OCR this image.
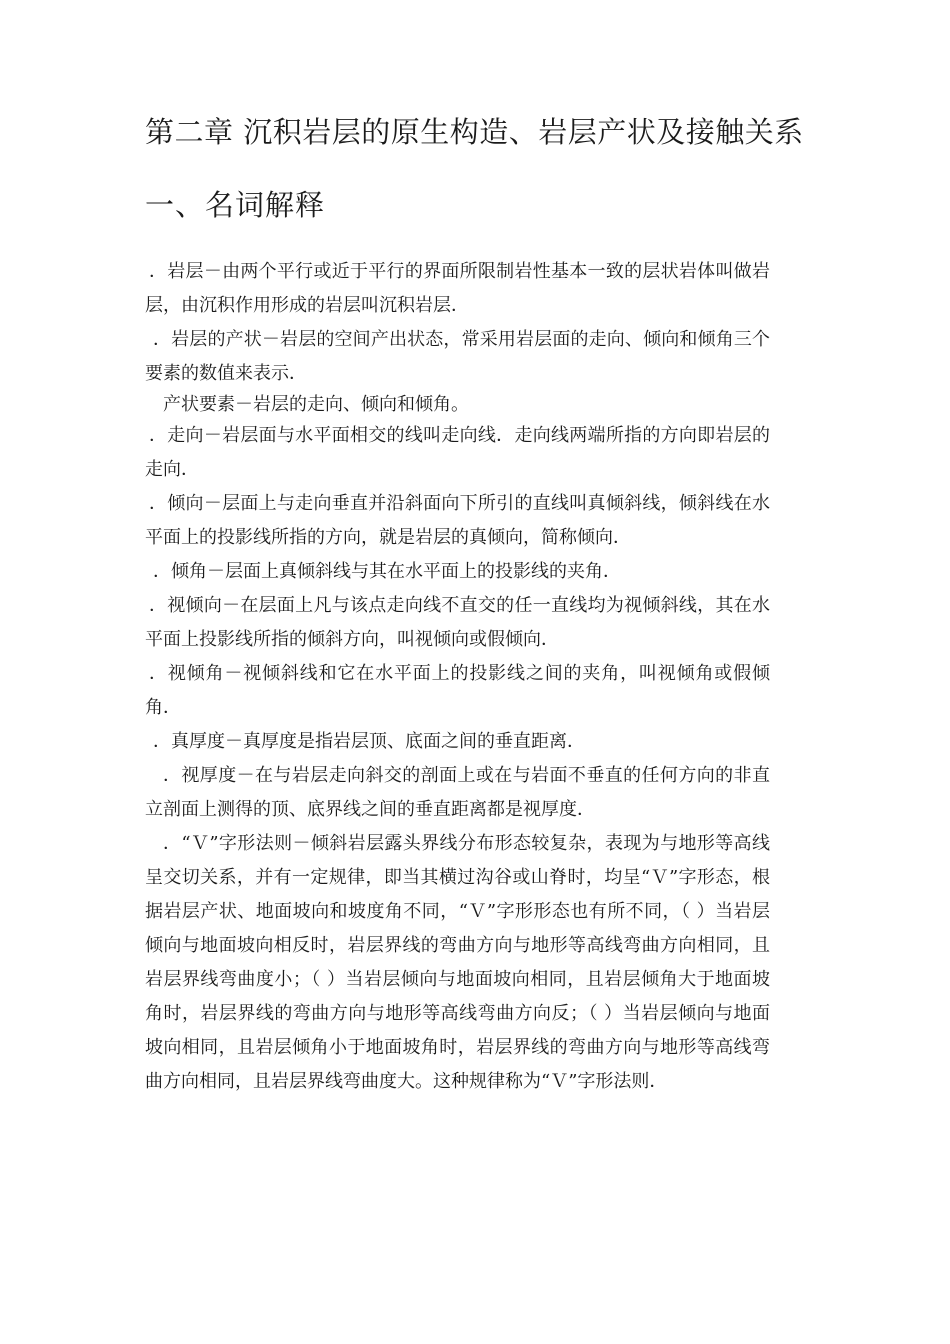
第二章 沉积岩层的原生构造、岩层产状及接触关系
一、名词解释

．岩层－由两个平行或近于平行的界面所限制岩性基本一致的层状岩体叫做岩层，由沉积作用形成的岩层叫沉积岩层．

．岩层的产状－岩层的空间产出状态，常采用岩层面的走向、倾向和倾角三个要素的数值来表示．

产状要素－岩层的走向、倾向和倾角。

．走向－岩层面与水平面相交的线叫走向线．走向线两端所指的方向即岩层的走向．

．倾向－层面上与走向垂直并沿斜面向下所引的直线叫真倾斜线，倾斜线在水平面上的投影线所指的方向，就是岩层的真倾向，简称倾向．

．倾角－层面上真倾斜线与其在水平面上的投影线的夹角．

．视倾向－在层面上凡与该点走向线不直交的任一直线均为视倾斜线，其在水平面上投影线所指的倾斜方向，叫视倾向或假倾向．

．视倾角－视倾斜线和它在水平面上的投影线之间的夹角，叫视倾角或假倾角．

．真厚度－真厚度是指岩层顶、底面之间的垂直距离．

．视厚度－在与岩层走向斜交的剖面上或在与岩面不垂直的任何方向的非直立剖面上测得的顶、底界线之间的垂直距离都是视厚度．

．“Ｖ”字形法则－倾斜岩层露头界线分布形态较复杂，表现为与地形等高线呈交切关系，并有一定规律，即当其横过沟谷或山脊时，均呈“Ｖ”字形态，根据岩层产状、地面坡向和坡度角不同，“Ｖ”字形形态也有所不同，（ ）当岩层倾向与地面坡向相反时，岩层界线的弯曲方向与地形等高线弯曲方向相同，且岩层界线弯曲度小；（ ）当岩层倾向与地面坡向相同，且岩层倾角大于地面坡角时，岩层界线的弯曲方向与地形等高线弯曲方向反；（ ）当岩层倾向与地面坡向相同，且岩层倾角小于地面坡角时，岩层界线的弯曲方向与地形等高线弯曲方向相同，且岩层界线弯曲度大。这种规律称为“Ｖ”字形法则．
